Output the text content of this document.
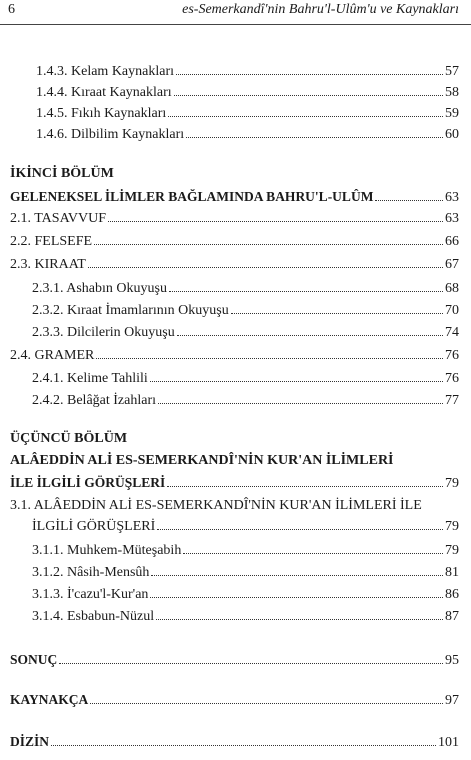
6	es-Semerkandî'nin Bahru'l-Ulûm'u ve Kaynakları
1.4.3. Kelam Kaynakları	57
1.4.4. Kıraat Kaynakları	58
1.4.5. Fıkıh Kaynakları	59
1.4.6. Dilbilim Kaynakları	60
İKİNCİ BÖLÜM
GELENEKSEL İLİMLER BAĞLAMINDA BAHRU'L-ULÛM	63
2.1. TASAVVUF	63
2.2. FELSEFE	66
2.3. KIRAAT	67
2.3.1. Ashabın Okuyuşu	68
2.3.2. Kıraat İmamlarının Okuyuşu	70
2.3.3. Dilcilerin Okuyuşu	74
2.4. GRAMER	76
2.4.1. Kelime Tahlili	76
2.4.2. Belâğat İzahları	77
ÜÇÜNCÜ BÖLÜM
ALÂEDDİN ALİ ES-SEMERKANDÎ'NİN KUR'AN İLİMLERİ
İLE İLGİLİ GÖRÜŞLERİ	79
3.1. ALÂEDDİN ALİ ES-SEMERKANDÎ'NİN KUR'AN İLİMLERİ İLE
İLGİLİ GÖRÜŞLERİ	79
3.1.1. Muhkem-Müteşabih	79
3.1.2. Nâsih-Mensûh	81
3.1.3. İ'cazu'l-Kur'an	86
3.1.4. Esbabun-Nüzul	87
SONUÇ	95
KAYNAKÇA	97
DİZİN	101
